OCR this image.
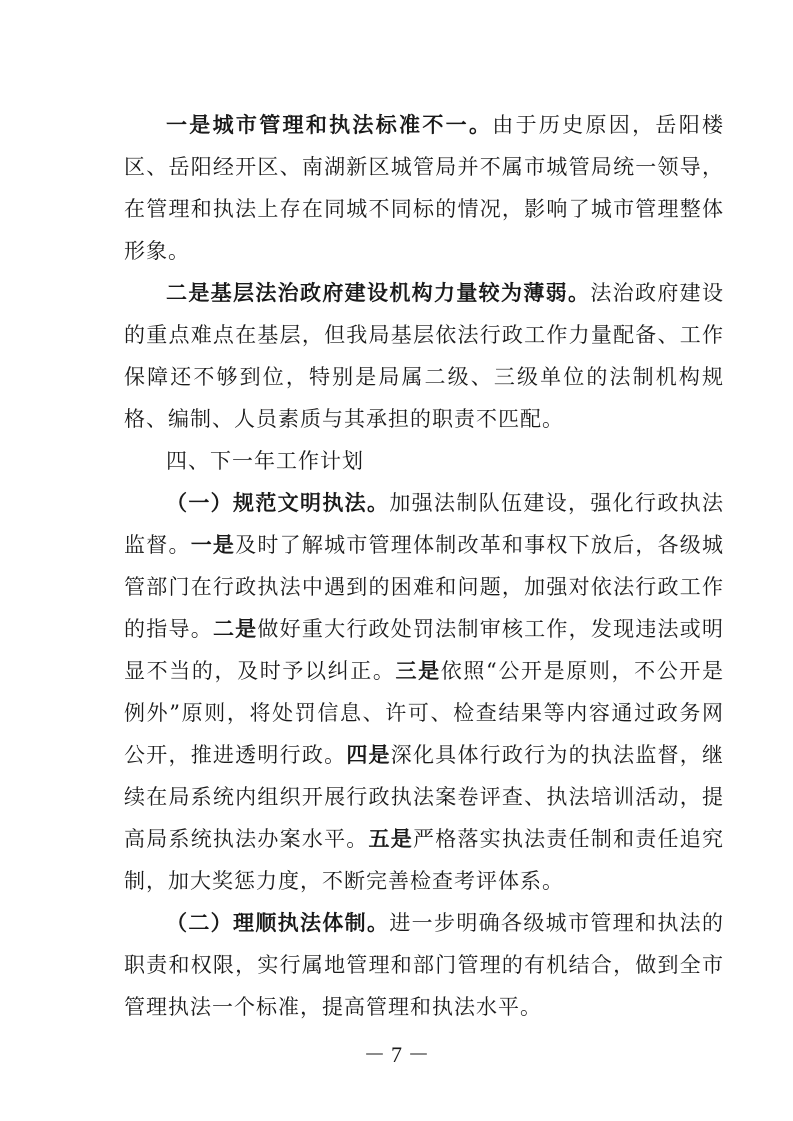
一是城市管理和执法标准不一。由于历史原因，岳阳楼区、岳阳经开区、南湖新区城管局并不属市城管局统一领导，在管理和执法上存在同城不同标的情况，影响了城市管理整体形象。

二是基层法治政府建设机构力量较为薄弱。法治政府建设的重点难点在基层，但我局基层依法行政工作力量配备、工作保障还不够到位，特别是局属二级、三级单位的法制机构规格、编制、人员素质与其承担的职责不匹配。

四、下一年工作计划

（一）规范文明执法。加强法制队伍建设，强化行政执法监督。一是及时了解城市管理体制改革和事权下放后，各级城管部门在行政执法中遇到的困难和问题，加强对依法行政工作的指导。二是做好重大行政处罚法制审核工作，发现违法或明显不当的，及时予以纠正。三是依照“公开是原则，不公开是例外”原则，将处罚信息、许可、检查结果等内容通过政务网公开，推进透明行政。四是深化具体行政行为的执法监督，继续在局系统内组织开展行政执法案卷评查、执法培训活动，提高局系统执法办案水平。五是严格落实执法责任制和责任追究制，加大奖惩力度，不断完善检查考评体系。

（二）理顺执法体制。进一步明确各级城市管理和执法的职责和权限，实行属地管理和部门管理的有机结合，做到全市管理执法一个标准，提高管理和执法水平。

－ 7 －
